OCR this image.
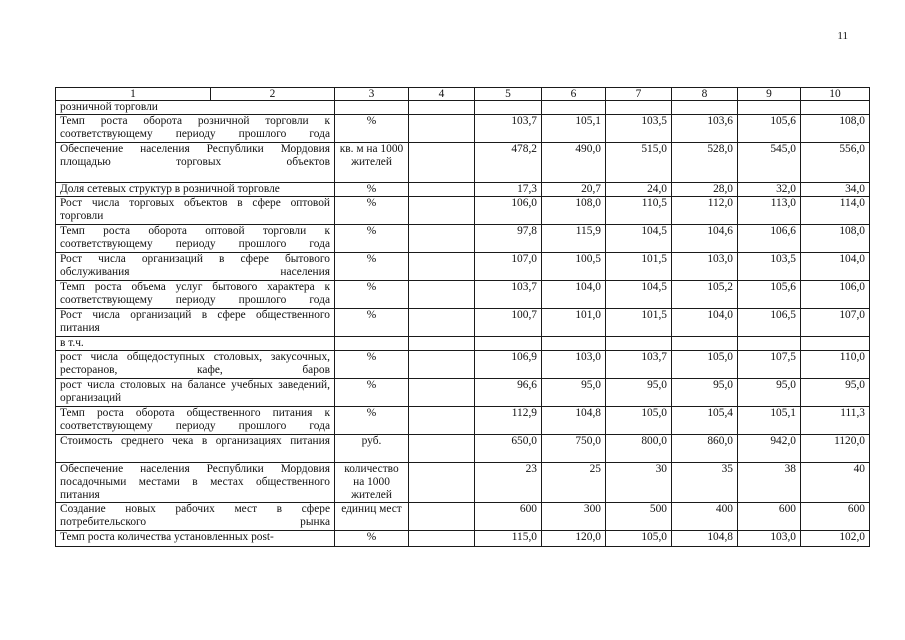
11
1	2	3	4	5	6	7	8	9	10
розничной торговли									
Темп роста оборота розничной торговли к соответствующему периоду прошлого года		%		103,7	105,1	103,5	103,6	105,6	108,0
Обеспечение населения Республики Мордовия площадью торговых объектов		кв. м на 1000 жителей		478,2	490,0	515,0	528,0	545,0	556,0
Доля сетевых структур в розничной торговле		%		17,3	20,7	24,0	28,0	32,0	34,0
Рост числа торговых объектов в сфере оптовой торговли		%		106,0	108,0	110,5	112,0	113,0	114,0
Темп роста оборота оптовой торговли к соответствующему периоду прошлого года		%		97,8	115,9	104,5	104,6	106,6	108,0
Рост числа организаций в сфере бытового обслуживания населения		%		107,0	100,5	101,5	103,0	103,5	104,0
Темп роста объема услуг бытового характера к соответствующему периоду прошлого года		%		103,7	104,0	104,5	105,2	105,6	106,0
Рост числа организаций в сфере общественного питания		%		100,7	101,0	101,5	104,0	106,5	107,0
в т.ч.									
рост числа общедоступных столовых, закусочных, ресторанов, кафе, баров		%		106,9	103,0	103,7	105,0	107,5	110,0
рост числа столовых на балансе учебных заведений, организаций		%		96,6	95,0	95,0	95,0	95,0	95,0
Темп роста оборота общественного питания к соответствующему периоду прошлого года		%		112,9	104,8	105,0	105,4	105,1	111,3
Стоимость среднего чека в организациях питания		руб.		650,0	750,0	800,0	860,0	942,0	1120,0
Обеспечение населения Республики Мордовия посадочными местами в местах общественного питания		количество на 1000 жителей		23	25	30	35	38	40
Создание новых рабочих мест в сфере потребительского рынка		единиц мест		600	300	500	400	600	600
Темп роста количества установленных post-		%		115,0	120,0	105,0	104,8	103,0	102,0
